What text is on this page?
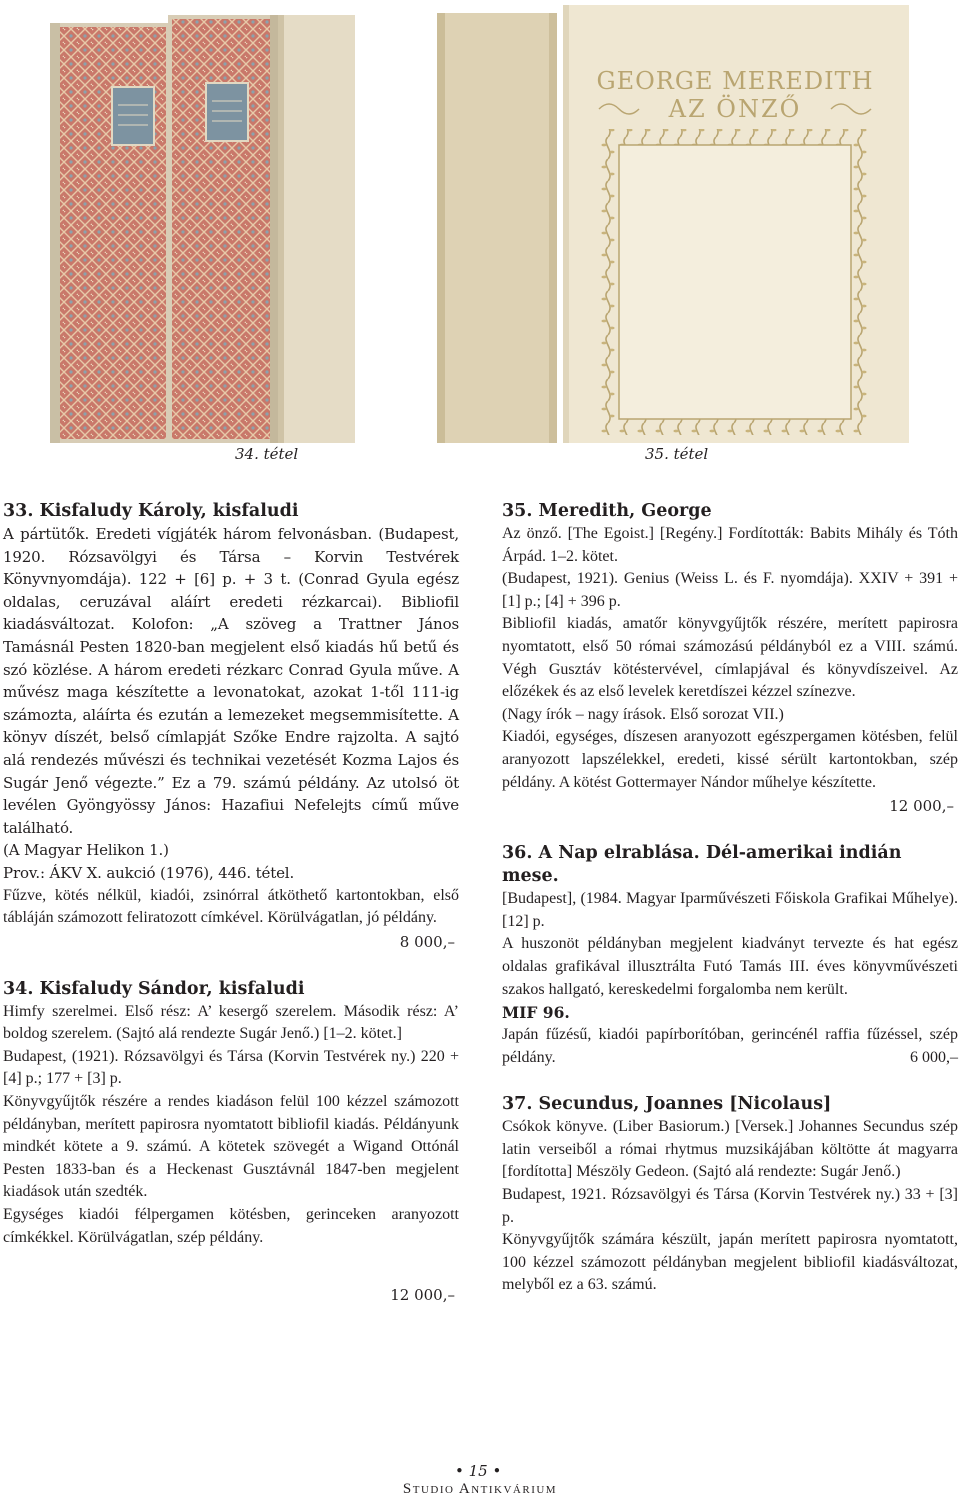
GEORGE MEREDITH
AZ ÖNZŐ
34. tétel	35. tétel

33. Kisfaludy Károly, kisfaludi

A pártütők. Eredeti vígjáték három felvonásban. (Budapest, 1920. Rózsavölgyi és Társa – Korvin Testvérek Könyvnyomdája). 122 + [6] p. + 3 t. (Conrad Gyula egész oldalas, ceruzával aláírt eredeti rézkarcai). Bibliofil kiadásváltozat. Kolofon: „A szöveg a Trattner János Tamásnál Pesten 1820-ban megjelent első kiadás hű betű és szó közlése. A három eredeti rézkarc Conrad Gyula műve. A művész maga készítette a levonatokat, azokat 1-től 111-ig számozta, aláírta és ezután a lemezeket megsemmisítette. A könyv díszét, belső címlapját Szőke Endre rajzolta. A sajtó alá rendezés művészi és technikai vezetését Kozma Lajos és Sugár Jenő végezte.” Ez a 79. számú példány. Az utolsó öt levélen Gyöngyössy János: Hazafiui Nefelejts című műve található.

(A Magyar Helikon 1.)

Prov.: ÁKV X. aukció (1976), 446. tétel.

Fűzve, kötés nélkül, kiadói, zsinórral átköthető kartontokban, első tábláján számozott feliratozott címkével. Körülvágatlan, jó példány.

8 000,–

34. Kisfaludy Sándor, kisfaludi

Himfy szerelmei. Első rész: A’ kesergő szerelem. Második rész: A’ boldog szerelem. (Sajtó alá rendezte Sugár Jenő.) [1–2. kötet.]

Budapest, (1921). Rózsavölgyi és Társa (Korvin Testvérek ny.) 220 + [4] p.; 177 + [3] p.

Könyvgyűjtők részére a rendes kiadáson felül 100 kézzel számozott példányban, merített papirosra nyomtatott bibliofil kiadás. Példányunk mindkét kötete a 9. számú. A kötetek szövegét a Wigand Ottónál Pesten 1833-ban és a Heckenast Gusztávnál 1847-ben megjelent kiadások után szedték.

Egységes kiadói félpergamen kötésben, gerinceken aranyozott címkékkel. Körülvágatlan, szép példány.

12 000,–

35. Meredith, George

Az önző. [The Egoist.] [Regény.] Fordították: Babits Mihály és Tóth Árpád. 1–2. kötet.

(Budapest, 1921). Genius (Weiss L. és F. nyomdája). XXIV + 391 + [1] p.; [4] + 396 p.

Bibliofil kiadás, amatőr könyvgyűjtők részére, merített papirosra nyomtatott, első 50 római számozású példányból ez a VIII. számú. Végh Gusztáv kötéstervével, címlapjával és könyvdíszeivel. Az előzékek és az első levelek keretdíszei kézzel színezve.

(Nagy írók – nagy írások. Első sorozat VII.)

Kiadói, egységes, díszesen aranyozott egészpergamen kötésben, felül aranyozott lapszélekkel, eredeti, kissé sérült kartontokban, szép példány. A kötést Gottermayer Nándor műhelye készítette.

12 000,–

36. A Nap elrablása. Dél-amerikai indián mese.

[Budapest], (1984. Magyar Iparművészeti Főiskola Grafikai Műhelye). [12] p.

A huszonöt példányban megjelent kiadványt tervezte és hat egész oldalas grafikával illusztrálta Futó Tamás III. éves könyvművészeti szakos hallgató, kereskedelmi forgalomba nem került.

MIF 96.

Japán fűzésű, kiadói papírborítóban, gerincénél raffia fűzéssel, szép példány.	6 000,–

37. Secundus, Joannes [Nicolaus]

Csókok könyve. (Liber Basiorum.) [Versek.] Johannes Secundus szép latin verseiből a római rhytmus muzsikájában költötte át magyarra [fordította] Mészöly Gedeon. (Sajtó alá rendezte: Sugár Jenő.)

Budapest, 1921. Rózsavölgyi és Társa (Korvin Testvérek ny.) 33 + [3] p.

Könyvgyűjtők számára készült, japán merített papirosra nyomtatott, 100 kézzel számozott példányban megjelent bibliofil kiadásváltozat, melyből ez a 63. számú.

• 15 •
Studio Antikvárium
